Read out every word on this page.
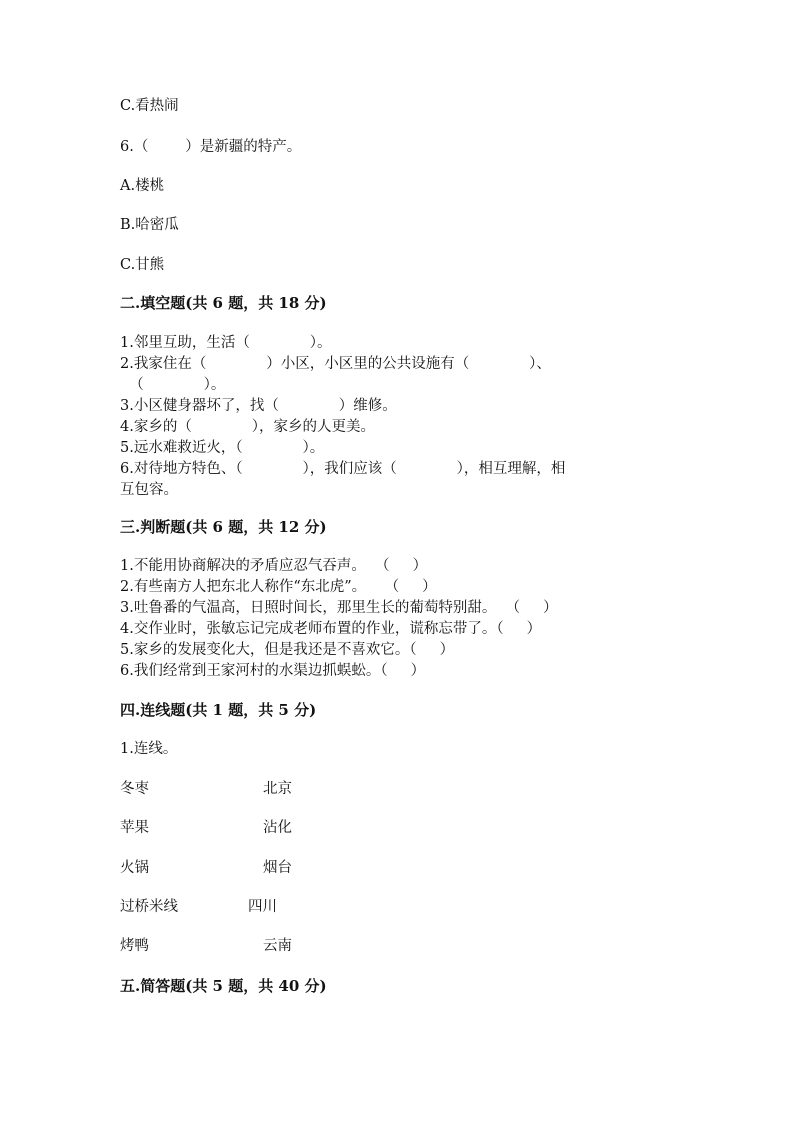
C.看热闹
6.（        ）是新疆的特产。
A.楼桃
B.哈密瓜
C.甘熊
二.填空题(共 6 题，共 18 分)
1.邻里互助，生活（             ）。
2.我家住在（             ）小区，小区里的公共设施有（             ）、
（             ）。
3.小区健身器坏了，找（             ）维修。
4.家乡的（             ），家乡的人更美。
5.远水难救近火，（             ）。
6.对待地方特色、（             ），我们应该（             ），相互理解，相
互包容。
三.判断题(共 6 题，共 12 分)
1.不能用协商解决的矛盾应忍气吞声。  （     ）
2.有些南方人把东北人称作“东北虎”。    （     ）
3.吐鲁番的气温高，日照时间长，那里生长的葡萄特别甜。  （     ）
4.交作业时，张敏忘记完成老师布置的作业，谎称忘带了。（     ）
5.家乡的发展变化大，但是我还是不喜欢它。（     ）
6.我们经常到王家河村的水渠边抓蜈蚣。（     ）
四.连线题(共 1 题，共 5 分)
1.连线。
冬枣	北京
苹果	沾化
火锅	烟台
过桥米线	四川
烤鸭	云南
五.简答题(共 5 题，共 40 分)
